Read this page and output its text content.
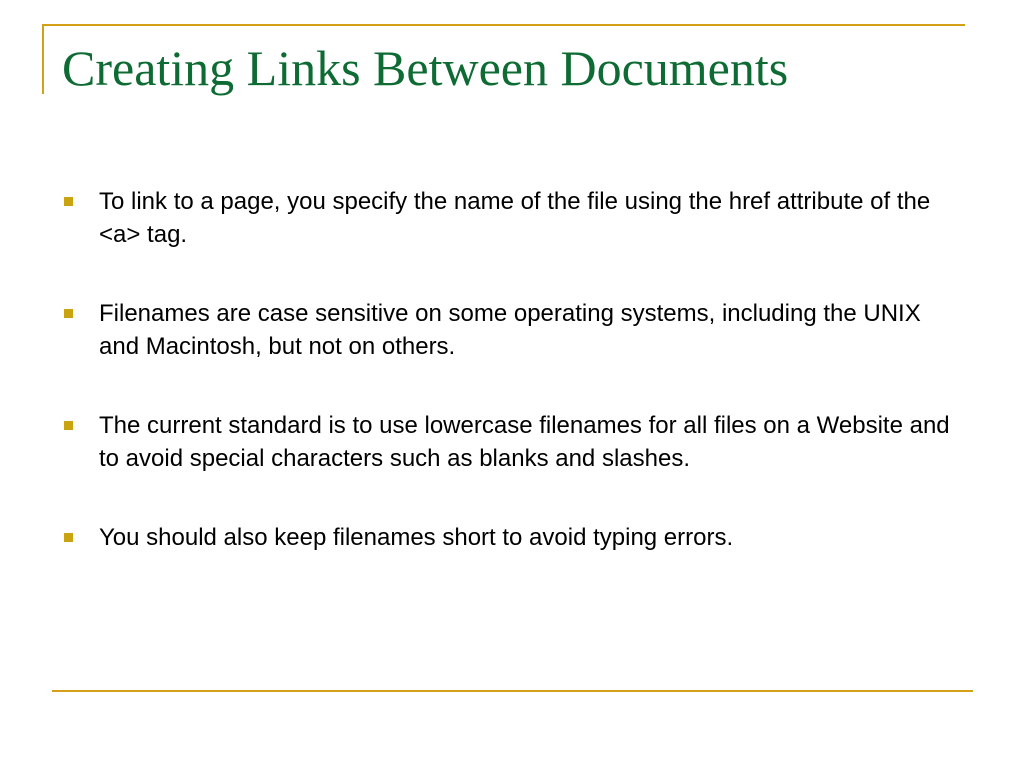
Creating Links Between Documents
To link to a page, you specify the name of the file using the href attribute of the <a> tag.
Filenames are case sensitive on some operating systems, including the UNIX and Macintosh, but not on others.
The current standard is to use lowercase filenames for all files on a Website and to avoid special characters such as blanks and slashes.
You should also keep filenames short to avoid typing errors.
